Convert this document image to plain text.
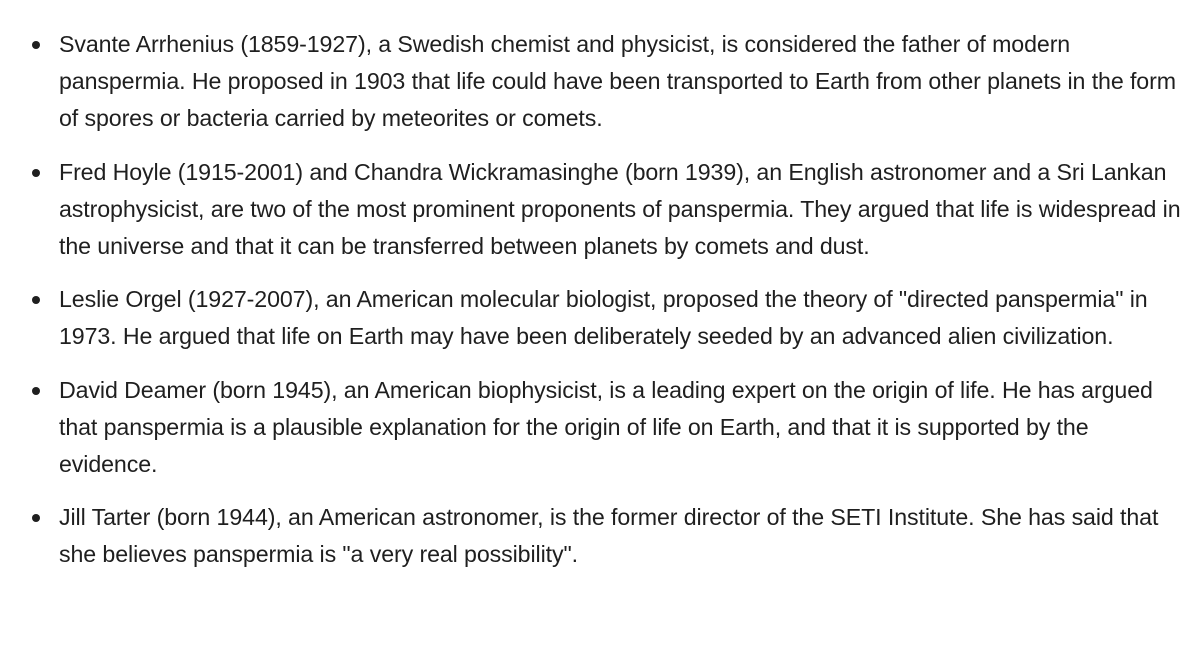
Svante Arrhenius (1859-1927), a Swedish chemist and physicist, is considered the father of modern panspermia. He proposed in 1903 that life could have been transported to Earth from other planets in the form of spores or bacteria carried by meteorites or comets.
Fred Hoyle (1915-2001) and Chandra Wickramasinghe (born 1939), an English astronomer and a Sri Lankan astrophysicist, are two of the most prominent proponents of panspermia. They argued that life is widespread in the universe and that it can be transferred between planets by comets and dust.
Leslie Orgel (1927-2007), an American molecular biologist, proposed the theory of "directed panspermia" in 1973. He argued that life on Earth may have been deliberately seeded by an advanced alien civilization.
David Deamer (born 1945), an American biophysicist, is a leading expert on the origin of life. He has argued that panspermia is a plausible explanation for the origin of life on Earth, and that it is supported by the evidence.
Jill Tarter (born 1944), an American astronomer, is the former director of the SETI Institute. She has said that she believes panspermia is "a very real possibility".
